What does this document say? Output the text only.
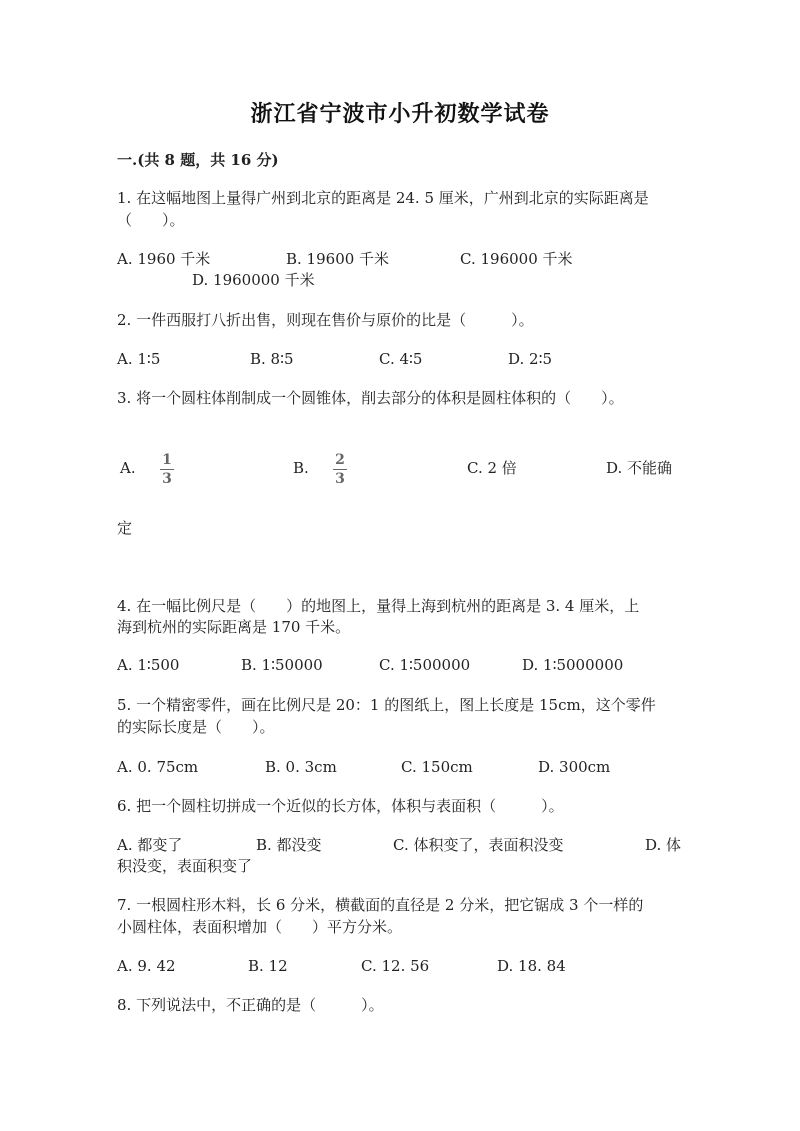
浙江省宁波市小升初数学试卷
一.(共 8 题，共 16 分)
1. 在这幅地图上量得广州到北京的距离是 24. 5 厘米，广州到北京的实际距离是
（　　）。
A. 1960 千米	B. 19600 千米	C. 196000 千米
D. 1960000 千米
2. 一件西服打八折出售，则现在售价与原价的比是（　　　）。
A. 1∶5	B. 8∶5	C. 4∶5	D. 2∶5
3. 将一个圆柱体削制成一个圆锥体，削去部分的体积是圆柱体积的（　　）。
A. 1
3
B. 2
3
C. 2 倍	D. 不能确
定
4. 在一幅比例尺是（　　）的地图上，量得上海到杭州的距离是 3. 4 厘米，上
海到杭州的实际距离是 170 千米。
A. 1∶500	B. 1∶50000	C. 1∶500000	D. 1∶5000000
5. 一个精密零件，画在比例尺是 20：1 的图纸上，图上长度是 15cm，这个零件
的实际长度是（　　）。
A. 0. 75cm	B. 0. 3cm	C. 150cm	D. 300cm
6. 把一个圆柱切拼成一个近似的长方体，体积与表面积（　　　）。
A. 都变了	B. 都没变	C. 体积变了，表面积没变	D. 体
积没变，表面积变了
7. 一根圆柱形木料，长 6 分米，横截面的直径是 2 分米，把它锯成 3 个一样的
小圆柱体，表面积增加（　　）平方分米。
A. 9. 42	B. 12	C. 12. 56	D. 18. 84
8. 下列说法中，不正确的是（　　　）。
